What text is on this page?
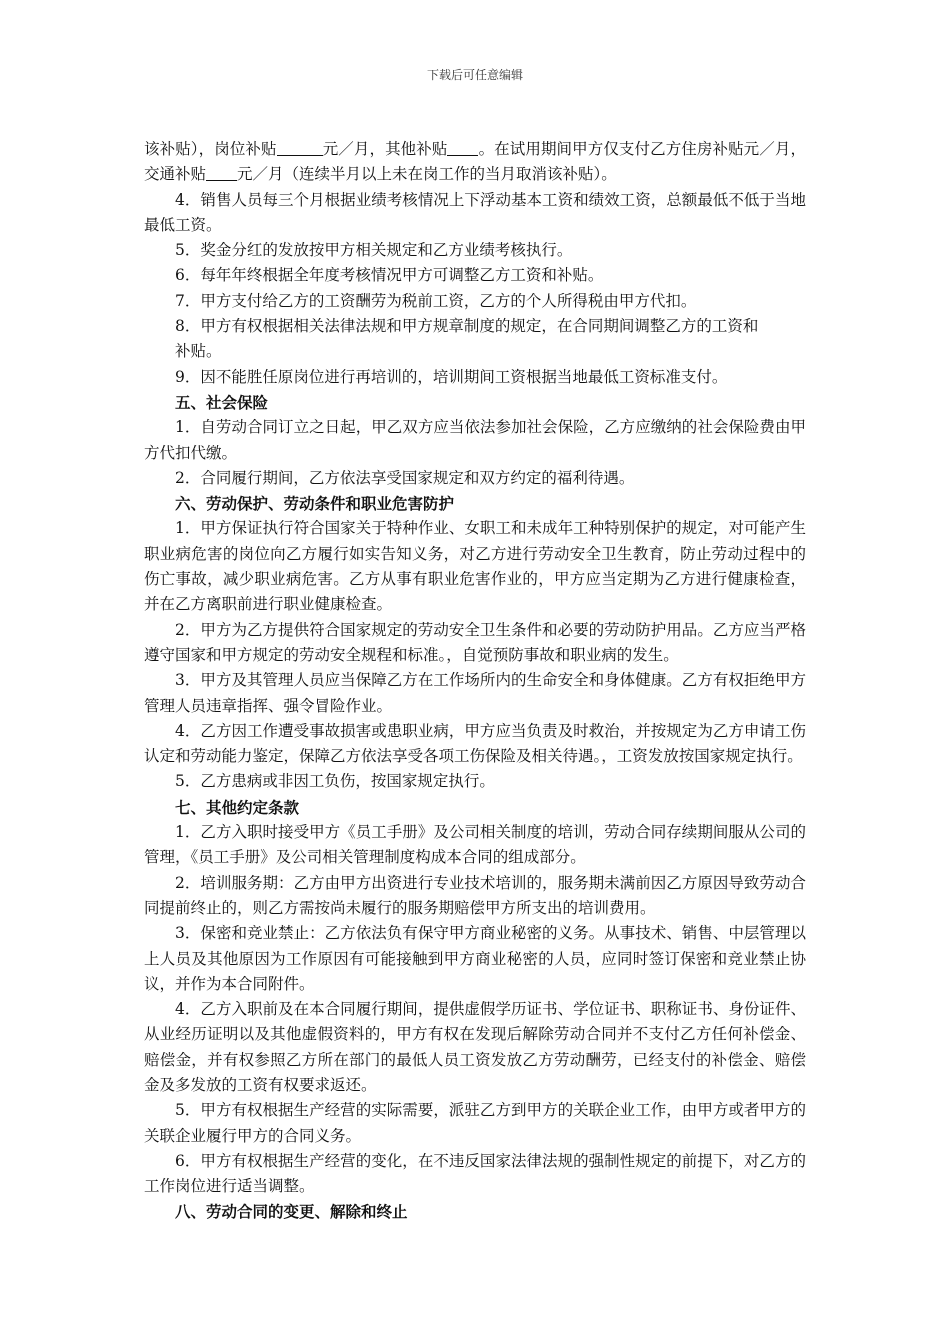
下载后可任意编辑

该补贴），岗位补贴	元／月，其他补贴 。在试用期间甲方仅支付乙方住房补贴元／月，交通补贴 元／月（连续半月以上未在岗工作的当月取消该补贴）。

4．销售人员每三个月根据业绩考核情况上下浮动基本工资和绩效工资，总额最低不低于当地最低工资。

5．奖金分红的发放按甲方相关规定和乙方业绩考核执行。

6．每年年终根据全年度考核情况甲方可调整乙方工资和补贴。

7．甲方支付给乙方的工资酬劳为税前工资，乙方的个人所得税由甲方代扣。

8．甲方有权根据相关法律法规和甲方规章制度的规定，在合同期间调整乙方的工资和

补贴。

9．因不能胜任原岗位进行再培训的，培训期间工资根据当地最低工资标准支付。

五、社会保险

1．自劳动合同订立之日起，甲乙双方应当依法参加社会保险，乙方应缴纳的社会保险费由甲方代扣代缴。

2．合同履行期间，乙方依法享受国家规定和双方约定的福利待遇。

六、劳动保护、劳动条件和职业危害防护

1．甲方保证执行符合国家关于特种作业、女职工和未成年工种特别保护的规定，对可能产生职业病危害的岗位向乙方履行如实告知义务，对乙方进行劳动安全卫生教育，防止劳动过程中的伤亡事故，减少职业病危害。乙方从事有职业危害作业的，甲方应当定期为乙方进行健康检查，并在乙方离职前进行职业健康检查。

2．甲方为乙方提供符合国家规定的劳动安全卫生条件和必要的劳动防护用品。乙方应当严格遵守国家和甲方规定的劳动安全规程和标准。，自觉预防事故和职业病的发生。

3．甲方及其管理人员应当保障乙方在工作场所内的生命安全和身体健康。乙方有权拒绝甲方管理人员违章指挥、强令冒险作业。

4．乙方因工作遭受事故损害或患职业病，甲方应当负责及时救治，并按规定为乙方申请工伤认定和劳动能力鉴定，保障乙方依法享受各项工伤保险及相关待遇。，工资发放按国家规定执行。

5．乙方患病或非因工负伤，按国家规定执行。

七、其他约定条款

1．乙方入职时接受甲方《员工手册》及公司相关制度的培训，劳动合同存续期间服从公司的管理，《员工手册》及公司相关管理制度构成本合同的组成部分。

2．培训服务期：乙方由甲方出资进行专业技术培训的，服务期未满前因乙方原因导致劳动合同提前终止的，则乙方需按尚未履行的服务期赔偿甲方所支出的培训费用。

3．保密和竞业禁止：乙方依法负有保守甲方商业秘密的义务。从事技术、销售、中层管理以上人员及其他原因为工作原因有可能接触到甲方商业秘密的人员，应同时签订保密和竞业禁止协议，并作为本合同附件。

4．乙方入职前及在本合同履行期间，提供虚假学历证书、学位证书、职称证书、身份证件、从业经历证明以及其他虚假资料的，甲方有权在发现后解除劳动合同并不支付乙方任何补偿金、赔偿金，并有权参照乙方所在部门的最低人员工资发放乙方劳动酬劳，已经支付的补偿金、赔偿金及多发放的工资有权要求返还。

5．甲方有权根据生产经营的实际需要，派驻乙方到甲方的关联企业工作，由甲方或者甲方的关联企业履行甲方的合同义务。

6．甲方有权根据生产经营的变化，在不违反国家法律法规的强制性规定的前提下，对乙方的工作岗位进行适当调整。

八、劳动合同的变更、解除和终止
